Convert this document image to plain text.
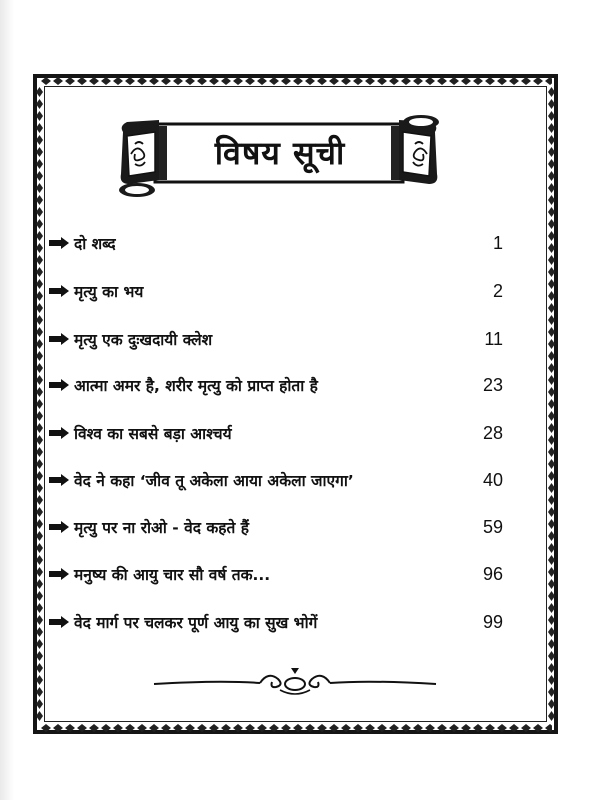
विषय सूची
दो शब्द	1
मृत्यु का भय	2
मृत्यु एक दुःखदायी क्लेश	11
आत्मा अमर है, शरीर मृत्यु को प्राप्त होता है	23
विश्व का सबसे बड़ा आश्चर्य	28
वेद ने कहा ‘जीव तू अकेला आया अकेला जाएगा’	40
मृत्यु पर ना रोओ - वेद कहते हैं	59
मनुष्य की आयु चार सौ वर्ष तक...	96
वेद मार्ग पर चलकर पूर्ण आयु का सुख भोगें	99
